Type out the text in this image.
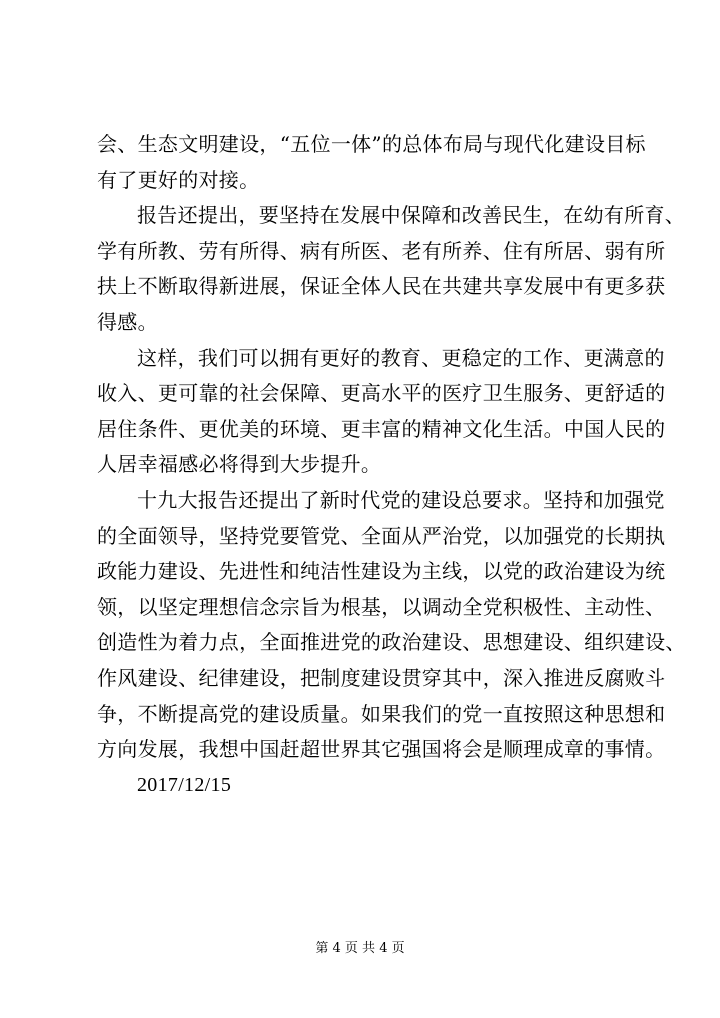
会、生态文明建设，“五位一体”的总体布局与现代化建设目标
有了更好的对接。
报告还提出，要坚持在发展中保障和改善民生，在幼有所育、
学有所教、劳有所得、病有所医、老有所养、住有所居、弱有所
扶上不断取得新进展，保证全体人民在共建共享发展中有更多获
得感。
这样，我们可以拥有更好的教育、更稳定的工作、更满意的
收入、更可靠的社会保障、更高水平的医疗卫生服务、更舒适的
居住条件、更优美的环境、更丰富的精神文化生活。中国人民的
人居幸福感必将得到大步提升。
十九大报告还提出了新时代党的建设总要求。坚持和加强党
的全面领导，坚持党要管党、全面从严治党，以加强党的长期执
政能力建设、先进性和纯洁性建设为主线，以党的政治建设为统
领，以坚定理想信念宗旨为根基，以调动全党积极性、主动性、
创造性为着力点，全面推进党的政治建设、思想建设、组织建设、
作风建设、纪律建设，把制度建设贯穿其中，深入推进反腐败斗
争，不断提高党的建设质量。如果我们的党一直按照这种思想和
方向发展，我想中国赶超世界其它强国将会是顺理成章的事情。
2017/12/15
第 4 页 共 4 页
